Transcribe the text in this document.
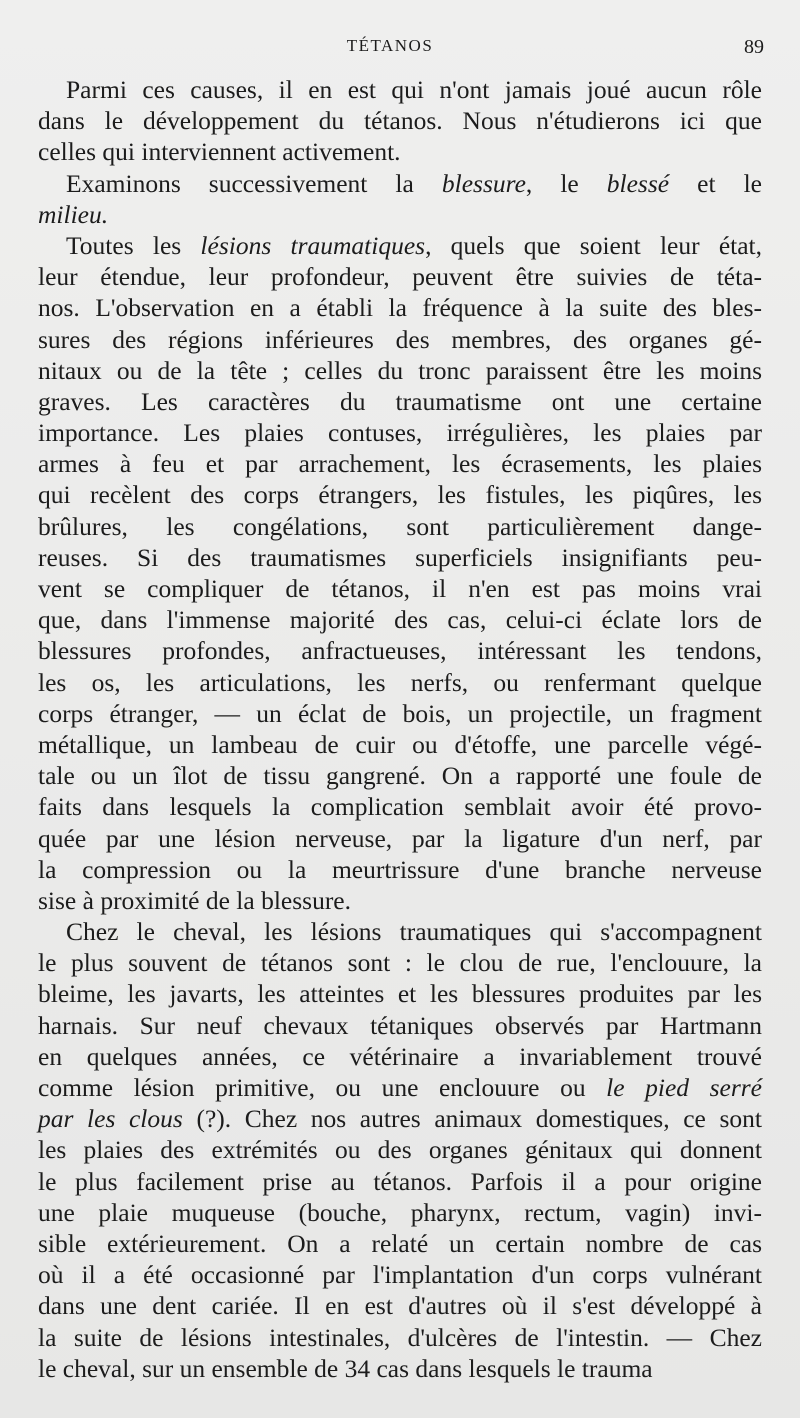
TÉTANOS	89
Parmi ces causes, il en est qui n'ont jamais joué aucun rôle
dans le développement du tétanos. Nous n'étudierons ici que
celles qui interviennent activement.
Examinons successivement la blessure, le blessé et le
milieu.
Toutes les lésions traumatiques, quels que soient leur état,
leur étendue, leur profondeur, peuvent être suivies de téta-
nos. L'observation en a établi la fréquence à la suite des bles-
sures des régions inférieures des membres, des organes gé-
nitaux ou de la tête ; celles du tronc paraissent être les moins
graves. Les caractères du traumatisme ont une certaine
importance. Les plaies contuses, irrégulières, les plaies par
armes à feu et par arrachement, les écrasements, les plaies
qui recèlent des corps étrangers, les fistules, les piqûres, les
brûlures, les congélations, sont particulièrement dange-
reuses. Si des traumatismes superficiels insignifiants peu-
vent se compliquer de tétanos, il n'en est pas moins vrai
que, dans l'immense majorité des cas, celui-ci éclate lors de
blessures profondes, anfractueuses, intéressant les tendons,
les os, les articulations, les nerfs, ou renfermant quelque
corps étranger, — un éclat de bois, un projectile, un fragment
métallique, un lambeau de cuir ou d'étoffe, une parcelle végé-
tale ou un îlot de tissu gangrené. On a rapporté une foule de
faits dans lesquels la complication semblait avoir été provo-
quée par une lésion nerveuse, par la ligature d'un nerf, par
la compression ou la meurtrissure d'une branche nerveuse
sise à proximité de la blessure.
Chez le cheval, les lésions traumatiques qui s'accompagnent
le plus souvent de tétanos sont : le clou de rue, l'enclouure, la
bleime, les javarts, les atteintes et les blessures produites par les
harnais. Sur neuf chevaux tétaniques observés par Hartmann
en quelques années, ce vétérinaire a invariablement trouvé
comme lésion primitive, ou une enclouure ou le pied serré
par les clous (?). Chez nos autres animaux domestiques, ce sont
les plaies des extrémités ou des organes génitaux qui donnent
le plus facilement prise au tétanos. Parfois il a pour origine
une plaie muqueuse (bouche, pharynx, rectum, vagin) invi-
sible extérieurement. On a relaté un certain nombre de cas
où il a été occasionné par l'implantation d'un corps vulnérant
dans une dent cariée. Il en est d'autres où il s'est développé à
la suite de lésions intestinales, d'ulcères de l'intestin. — Chez
le cheval, sur un ensemble de 34 cas dans lesquels le trauma
